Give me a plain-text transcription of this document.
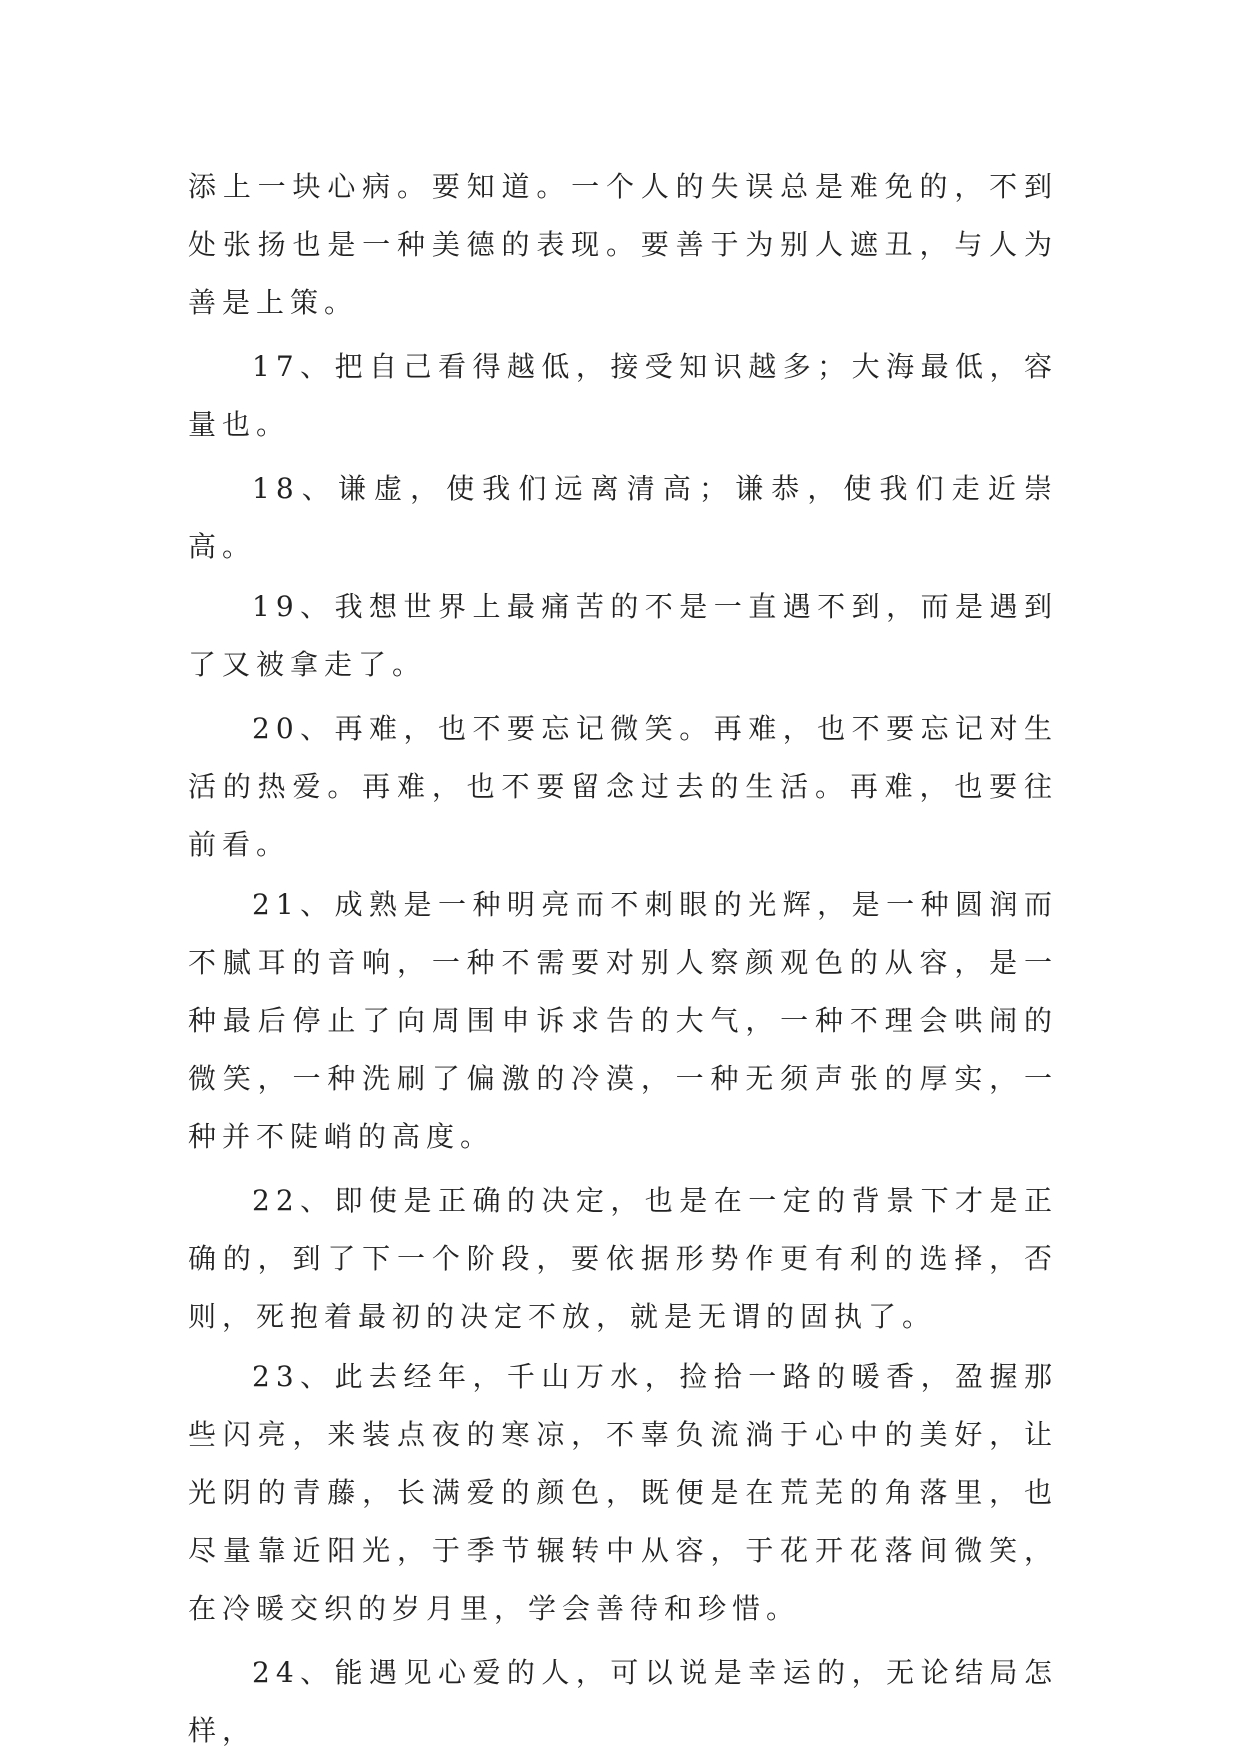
添上一块心病。要知道。一个人的失误总是难免的，不到处张扬也是一种美德的表现。要善于为别人遮丑，与人为善是上策。

17、把自己看得越低，接受知识越多；大海最低，容量也。

18、谦虚，使我们远离清高；谦恭，使我们走近崇高。

19、我想世界上最痛苦的不是一直遇不到，而是遇到了又被拿走了。

20、再难，也不要忘记微笑。再难，也不要忘记对生活的热爱。再难，也不要留念过去的生活。再难，也要往前看。

21、成熟是一种明亮而不刺眼的光辉，是一种圆润而不腻耳的音响，一种不需要对别人察颜观色的从容，是一种最后停止了向周围申诉求告的大气，一种不理会哄闹的微笑，一种洗刷了偏激的冷漠，一种无须声张的厚实，一种并不陡峭的高度。

22、即使是正确的决定，也是在一定的背景下才是正确的，到了下一个阶段，要依据形势作更有利的选择，否则，死抱着最初的决定不放，就是无谓的固执了。

23、此去经年，千山万水，捡拾一路的暖香，盈握那些闪亮，来装点夜的寒凉，不辜负流淌于心中的美好，让光阴的青藤，长满爱的颜色，既便是在荒芜的角落里，也尽量靠近阳光，于季节辗转中从容，于花开花落间微笑，在冷暖交织的岁月里，学会善待和珍惜。

24、能遇见心爱的人，可以说是幸运的，无论结局怎样，
